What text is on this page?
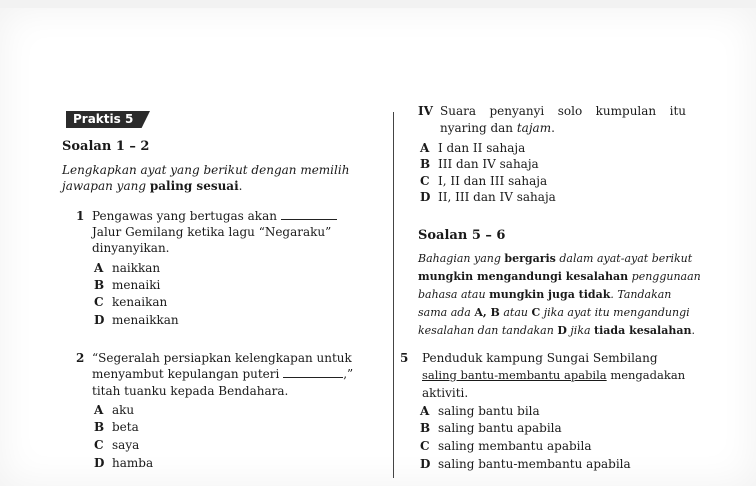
Praktis 5
Soalan 1 – 2
Lengkapkan ayat yang berikut dengan memilih
jawapan yang paling sesuai.
1 Pengawas yang bertugas akan
Jalur Gemilang ketika lagu “Negaraku”
dinyanyikan.
A naikkan
B menaiki
C kenaikan
D menaikkan
2 “Segeralah persiapkan kelengkapan untuk
menyambut kepulangan puteri	,”
titah tuanku kepada Bendahara.
A aku
B beta
C saya
D hamba
IV Suara penyanyi solo kumpulan itu
nyaring dan tajam.
A I dan II sahaja
B III dan IV sahaja
C I, II dan III sahaja
D II, III dan IV sahaja
Soalan 5 – 6
Bahagian yang bergaris dalam ayat-ayat berikut
mungkin mengandungi kesalahan penggunaan
bahasa atau mungkin juga tidak. Tandakan
sama ada A, B atau C jika ayat itu mengandungi
kesalahan dan tandakan D jika tiada kesalahan.
5 Penduduk kampung Sungai Sembilang
saling bantu-membantu apabila mengadakan
aktiviti.
A saling bantu bila
B saling bantu apabila
C saling membantu apabila
D saling bantu-membantu apabila
